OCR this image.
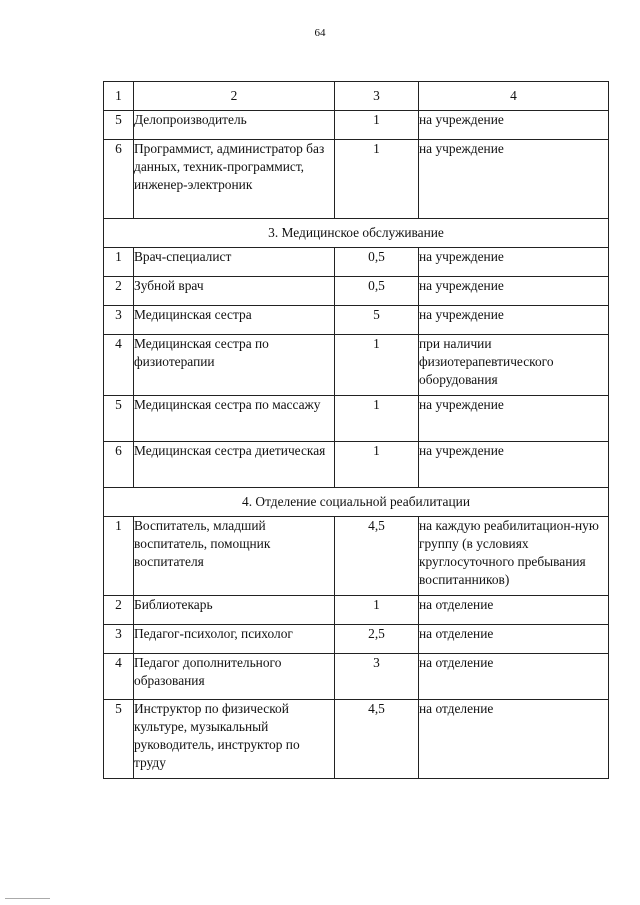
64
1	2	3	4
5	Делопроизводитель	1	на учреждение
6	Программист, администратор баз данных, техник-программист, инженер-электроник	1	на учреждение
3. Медицинское обслуживание			
1	Врач-специалист	0,5	на учреждение
2	Зубной врач	0,5	на учреждение
3	Медицинская сестра	5	на учреждение
4	Медицинская сестра по физиотерапии	1	при наличии физиотерапевтического оборудования
5	Медицинская сестра по массажу	1	на учреждение
6	Медицинская сестра диетическая	1	на учреждение
4. Отделение социальной реабилитации			
1	Воспитатель, младший воспитатель, помощник воспитателя	4,5	на каждую реабилитацион-ную группу (в условиях круглосуточного пребывания воспитанников)
2	Библиотекарь	1	на отделение
3	Педагог-психолог, психолог	2,5	на отделение
4	Педагог дополнительного образования	3	на отделение
5	Инструктор по физической культуре, музыкальный руководитель, инструктор по труду	4,5	на отделение
